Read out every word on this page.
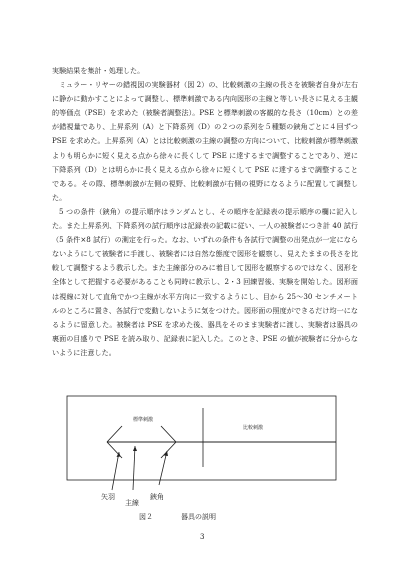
実験結果を集計・処理した。

ミュラー・リヤーの錯視図の実験器材（図 2）の、比較刺激の主線の長さを被験者自身が左右に静かに動かすことによって調整し、標準刺激である内向図形の主線と等しい長さに見える主観的等価点（PSE）を求めた（被験者調整法）。PSE と標準刺激の客観的な長さ（10cm）との差が錯視量であり、上昇系列（A）と下降系列（D）の２つの系列を５種類の鋏角ごとに４回ずつ PSE を求めた。上昇系列（A）とは比較刺激の主線の調整の方向について、比較刺激が標準刺激よりも明らかに短く見える点から徐々に長くして PSE に達するまで調整することであり、逆に下降系列（D）とは明らかに長く見える点から徐々に短くして PSE に達するまで調整することである。その際、標準刺激が左側の視野、比較刺激が右側の視野になるように配置して調整した。

5 つの条件（鋏角）の提示順序はランダムとし、その順序を記録表の提示順序の欄に記入した。また上昇系列、下降系列の試行順序は記録表の記載に従い、一人の被験者につき計 40 試行（5 条件×8 試行）の測定を行った。なお、いずれの条件も各試行で調整の出発点が一定にならないようにして被験者に手渡し、被験者には自然な態度で図形を観察し、見えたままの長さを比較して調整するよう教示した。また主線部分のみに着目して図形を観察するのではなく、図形を全体として把握する必要があることも同時に教示し、2・3 回練習後、実験を開始した。図形面は視線に対して直角でかつ主線が水平方向に一致するようにし、目から 25〜30 センチメートルのところに置き、各試行で変動しないように気をつけた。図形面の照度ができるだけ均一になるように留意した。被験者は PSE を求めた後、器具をそのまま実験者に渡し、実験者は器具の裏面の目盛りで PSE を読み取り、記録表に記入した。このとき、PSE の値が被験者に分からないように注意した。

標準刺激
比較刺激
矢羽
主線
鋏角
図２	器具の説明
3
